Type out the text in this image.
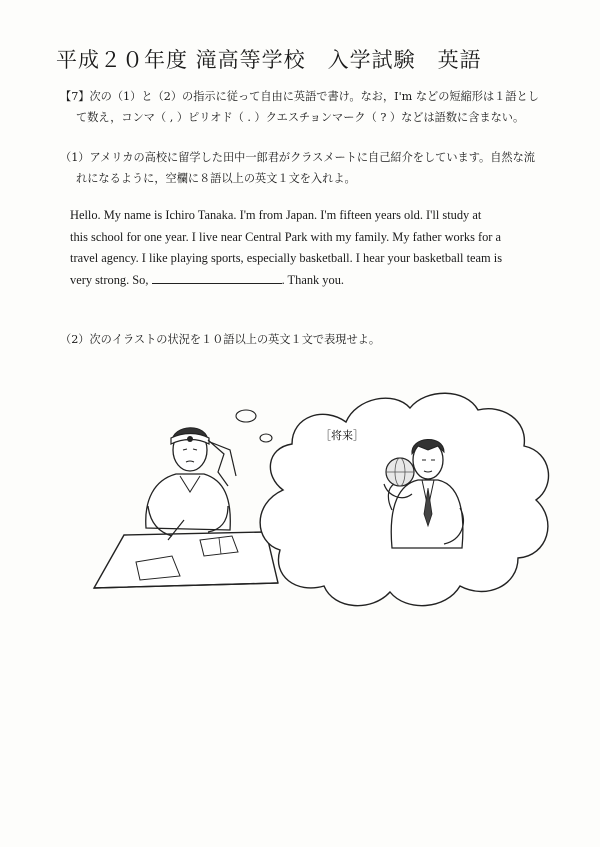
平成２０年度 滝高等学校　入学試験　英語
【7】次の（1）と（2）の指示に従って自由に英語で書け。なお，I'm などの短縮形は１語とし
て数え，コンマ（ , ）ピリオド（ . ）クエスチョンマーク（ ? ）などは語数に含まない。
（1）アメリカの高校に留学した田中一郎君がクラスメートに自己紹介をしています。自然な流
れになるように，空欄に８語以上の英文１文を入れよ。
Hello. My name is Ichiro Tanaka. I'm from Japan. I'm fifteen years old. I'll study at
this school for one year. I live near Central Park with my family. My father works for a
travel agency. I like playing sports, especially basketball. I hear your basketball team is
very strong. So,	. Thank you.
（2）次のイラストの状況を１０語以上の英文１文で表現せよ。
［将来］
